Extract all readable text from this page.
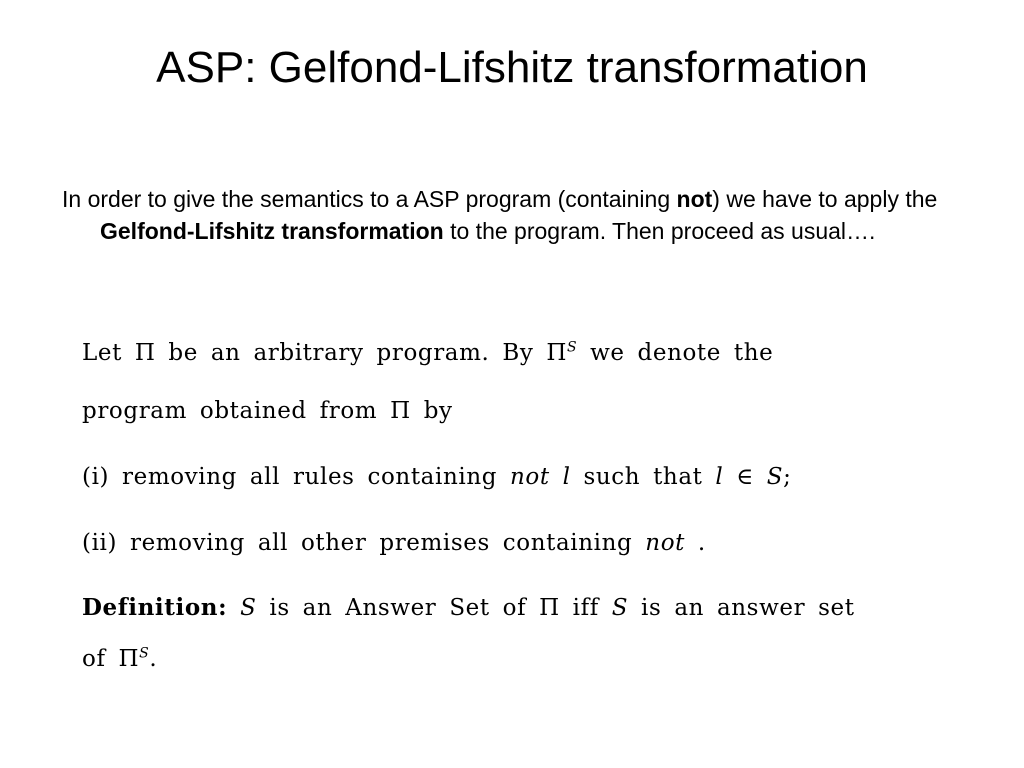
ASP: Gelfond-Lifshitz transformation
In order to give the semantics to a ASP program (containing not) we have to apply the Gelfond-Lifshitz transformation to the program. Then proceed as usual….
Let Π be an arbitrary program. By $\Pi^S$ we denote the
program obtained from Π by
(i) removing all rules containing not l such that l ∈ S;
(ii) removing all other premises containing not .
Definition: S is an Answer Set of Π iff S is an answer set
of $\Pi^S$.
